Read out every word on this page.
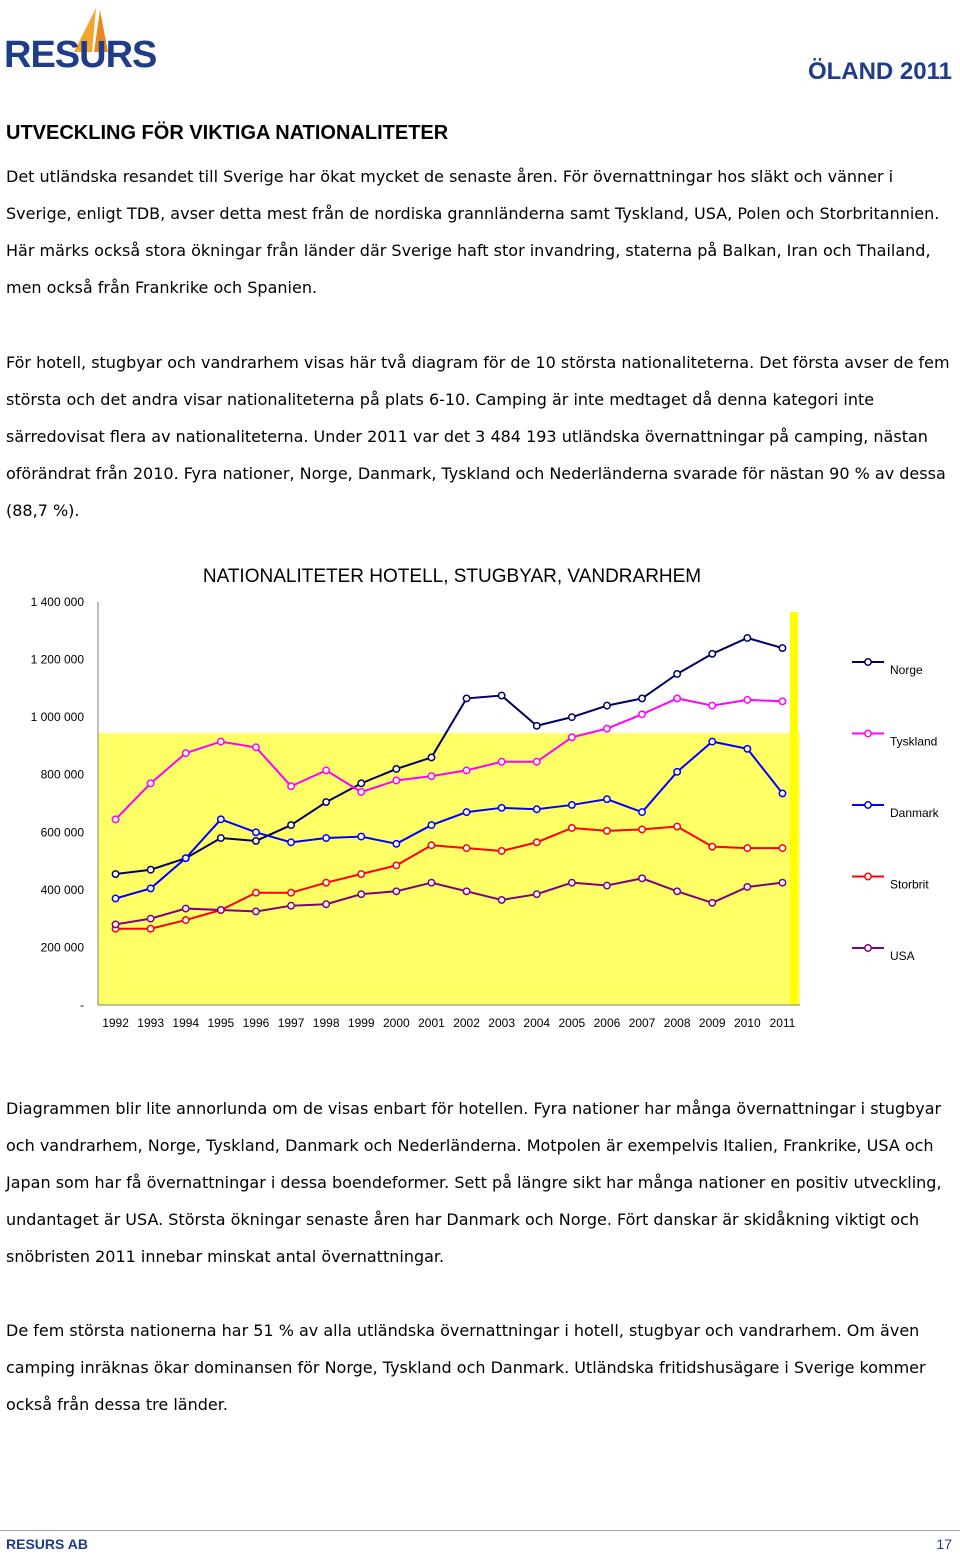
RESURS	ÖLAND 2011
UTVECKLING FÖR VIKTIGA NATIONALITETER

Det utländska resandet till Sverige har ökat mycket de senaste åren. För övernattningar hos släkt och vänner i Sverige, enligt TDB, avser detta mest från de nordiska grannländerna samt Tyskland, USA, Polen och Storbritannien. Här märks också stora ökningar från länder där Sverige haft stor invandring, staterna på Balkan, Iran och Thailand, men också från Frankrike och Spanien.

För hotell, stugbyar och vandrarhem visas här två diagram för de 10 största nationaliteterna. Det första avser de fem största och det andra visar nationaliteterna på plats 6-10. Camping är inte medtaget då denna kategori inte särredovisat flera av nationaliteterna. Under 2011 var det 3 484 193 utländska övernattningar på camping, nästan oförändrat från 2010. Fyra nationer, Norge, Danmark, Tyskland och Nederländerna svarade för nästan 90 % av dessa (88,7 %).

NATIONALITETER HOTELL, STUGBYAR, VANDRARHEM
-
200 000
400 000
600 000
800 000
1 000 000
1 200 000
1 400 000
1992 1993 1994 1995 1996 1997 1998 1999 2000 2001 2002 2003 2004 2005 2006 2007 2008 2009 2010 2011
Norge
Tyskland
Danmark
Storbrit
USA

Diagrammen blir lite annorlunda om de visas enbart för hotellen. Fyra nationer har många övernattningar i stugbyar och vandrarhem, Norge, Tyskland, Danmark och Nederländerna. Motpolen är exempelvis Italien, Frankrike, USA och Japan som har få övernattningar i dessa boendeformer. Sett på längre sikt har många nationer en positiv utveckling, undantaget är USA. Största ökningar senaste åren har Danmark och Norge. Fört danskar är skidåkning viktigt och snöbristen 2011 innebar minskat antal övernattningar.

De fem största nationerna har 51 % av alla utländska övernattningar i hotell, stugbyar och vandrarhem. Om även camping inräknas ökar dominansen för Norge, Tyskland och Danmark. Utländska fritidshusägare i Sverige kommer också från dessa tre länder.

RESURS AB	17
